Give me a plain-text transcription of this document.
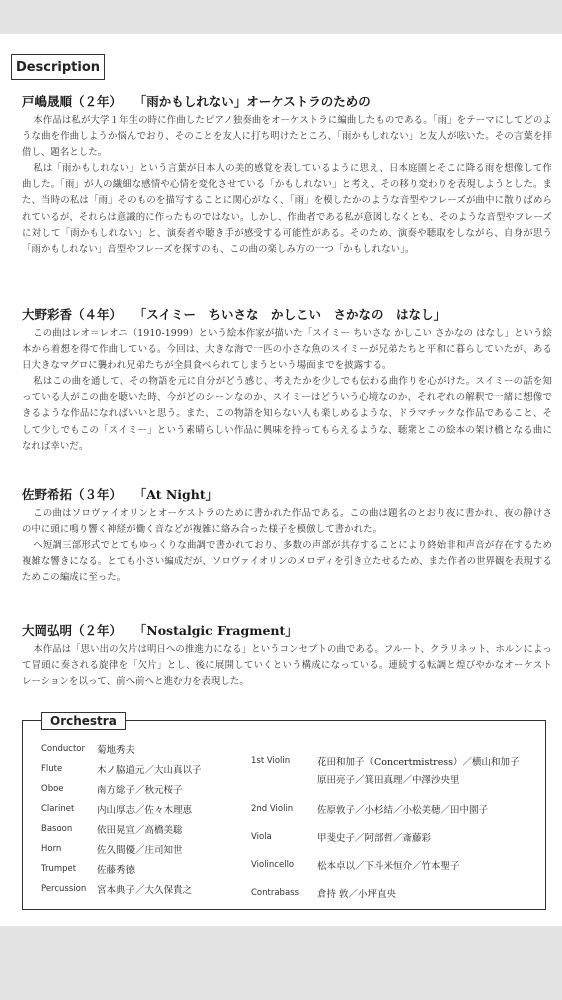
Description
戸嶋晟順（２年） 「雨かもしれない」オーケストラのための

本作品は私が大学１年生の時に作曲したピアノ独奏曲をオーケストラに編曲したものである。「雨」をテーマにしてどのような曲を作曲しようか悩んでおり、そのことを友人に打ち明けたところ、「雨かもしれない」と友人が呟いた。その言葉を拝借し、題名とした。

私は「雨かもしれない」という言葉が日本人の美的感覚を表しているように思え、日本庭園とそこに降る雨を想像して作曲した。「雨」が人の繊細な感情や心情を変化させている「かもしれない」と考え、その移り変わりを表現しようとした。また、当時の私は「雨」そのものを描写することに関心がなく、「雨」を模したかのような音型やフレーズが曲中に散りばめられているが、それらは意識的に作ったものではない。しかし、作曲者である私が意図しなくとも、そのような音型やフレーズに対して「雨かもしれない」と、演奏者や聴き手が感受する可能性がある。そのため、演奏や聴取をしながら、自身が思う「雨かもしれない」音型やフレーズを探すのも、この曲の楽しみ方の一つ「かもしれない」。

大野彩香（４年） 「スイミー　ちいさな　かしこい　さかなの　はなし」

この曲はレオ＝レオニ（1910-1999）という絵本作家が描いた「スイミー ちいさな かしこい さかなの はなし」という絵本から着想を得て作曲している。今回は、大きな海で一匹の小さな魚のスイミーが兄弟たちと平和に暮らしていたが、ある日大きなマグロに襲われ兄弟たちが全員食べられてしまうという場面までを披露する。

私はこの曲を通して、その物語を元に自分がどう感じ、考えたかを少しでも伝わる曲作りを心がけた。スイミーの話を知っている人がこの曲を聴いた時、今がどのシーンなのか、スイミーはどういう心境なのか、それぞれの解釈で一緒に想像できるような作品になればいいと思う。また、この物語を知らない人も楽しめるような、ドラマチックな作品であること、そして少しでもこの「スイミー」という素晴らしい作品に興味を持ってもらえるような、聴衆とこの絵本の架け橋となる曲になれば幸いだ。

佐野希拓（３年） 「At Night」

この曲はソロヴァイオリンとオーケストラのために書かれた作品である。この曲は題名のとおり夜に書かれ、夜の静けさの中に頭に鳴り響く神経が働く音などが複雑に絡み合った様子を模倣して書かれた。

ヘ短調三部形式でとてもゆっくりな曲調で書かれており、多数の声部が共存することにより終始非和声音が存在するため複雑な響きになる。とても小さい編成だが、ソロヴァイオリンのメロディを引き立たせるため、また作者の世界観を表現するためこの編成に至った。

大岡弘明（２年） 「Nostalgic Fragment」

本作品は「思い出の欠片は明日への推進力になる」というコンセプトの曲である。フルート、クラリネット、ホルンによって冒頭に奏される旋律を「欠片」とし、後に展開していくという構成になっている。連続する転調と煌びやかなオーケストレーションを以って、前へ前へと進む力を表現した。

Orchestra
Conductor 菊地秀夫
Flute	木ノ脇道元／大山真以子
Oboe	南方総子／秋元桜子
Clarinet 内山厚志／佐々木理恵
Basoon	依田晃宣／高橋美聡
Horn	佐久間優／庄司知世
Trumpet 佐藤秀徳
Percussion 宮本典子／大久保貴之
1st Violin	花田和加子（Concertmistress）／横山和加子
原田亮子／箕田真理／中澤沙央里
2nd Violin	佐原敦子／小杉結／小松美穂／田中園子
Viola	甲斐史子／阿部哲／斎藤彩
Violincello 松本卓以／下斗米恒介／竹本聖子
Contrabass 倉持 敦／小坪直央
